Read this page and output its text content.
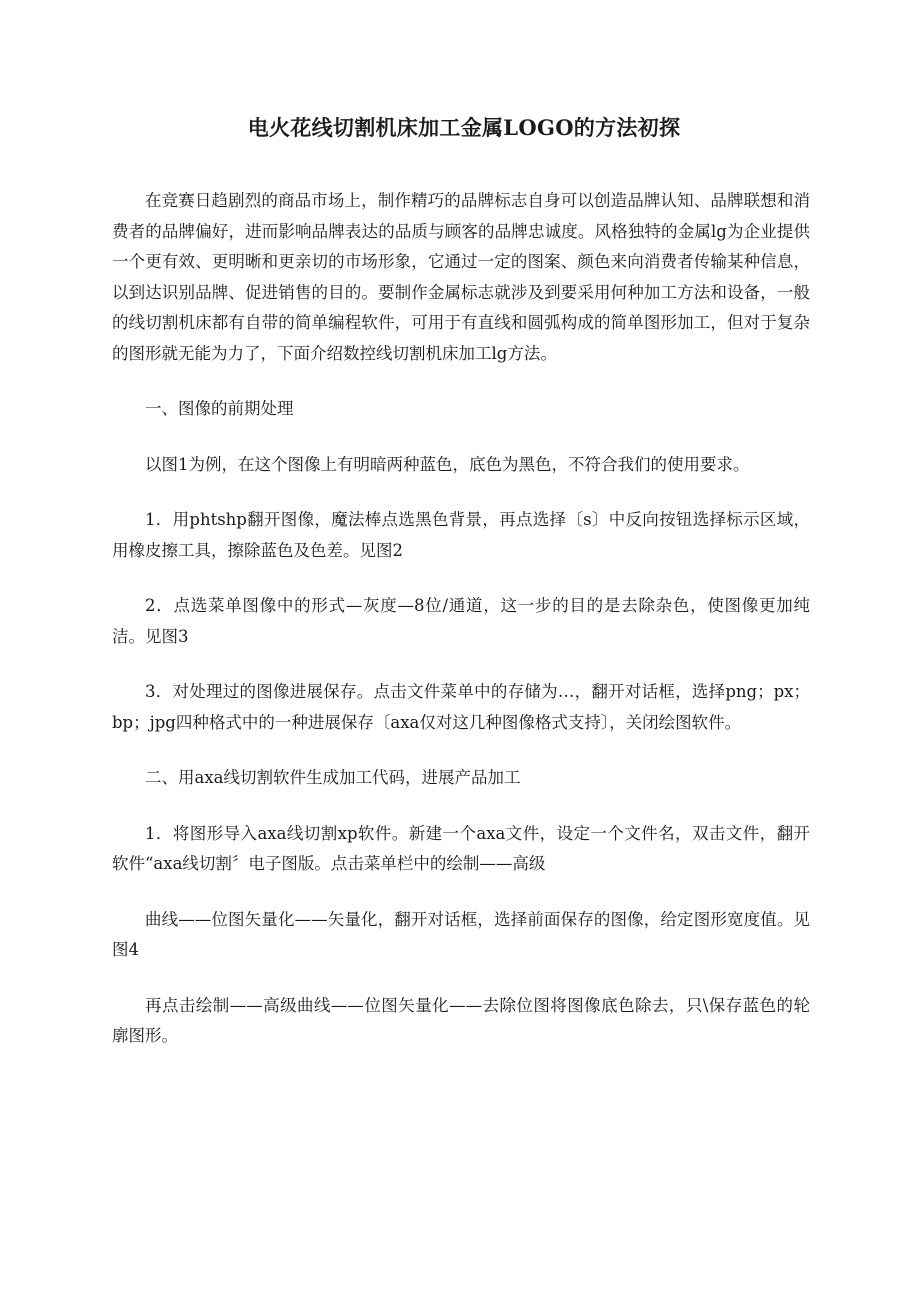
电火花线切割机床加工金属LOGO的方法初探

在竞赛日趋剧烈的商品市场上，制作精巧的品牌标志自身可以创造品牌认知、品牌联想和消费者的品牌偏好，进而影响品牌表达的品质与顾客的品牌忠诚度。风格独特的金属lg为企业提供一个更有效、更明晰和更亲切的市场形象，它通过一定的图案、颜色来向消费者传输某种信息，以到达识别品牌、促进销售的目的。要制作金属标志就涉及到要采用何种加工方法和设备，一般的线切割机床都有自带的简单编程软件，可用于有直线和圆弧构成的简单图形加工，但对于复杂的图形就无能为力了，下面介绍数控线切割机床加工lg方法。

一、图像的前期处理

以图1为例，在这个图像上有明暗两种蓝色，底色为黑色，不符合我们的使用要求。

1．用phtshp翻开图像，魔法棒点选黑色背景，再点选择〔s〕中反向按钮选择标示区域，用橡皮擦工具，擦除蓝色及色差。见图2

2．点选菜单图像中的形式—灰度—8位/通道，这一步的目的是去除杂色，使图像更加纯洁。见图3

3．对处理过的图像进展保存。点击文件菜单中的存储为…，翻开对话框，选择png；px；bp；jpg四种格式中的一种进展保存〔axa仅对这几种图像格式支持〕，关闭绘图软件。

二、用axa线切割软件生成加工代码，进展产品加工

1．将图形导入axa线切割xp软件。新建一个axa文件，设定一个文件名，双击文件，翻开软件“axa线切割〞电子图版。点击菜单栏中的绘制——高级

曲线——位图矢量化——矢量化，翻开对话框，选择前面保存的图像，给定图形宽度值。见图4

再点击绘制——高级曲线——位图矢量化——去除位图将图像底色除去，只\保存蓝色的轮廓图形。
